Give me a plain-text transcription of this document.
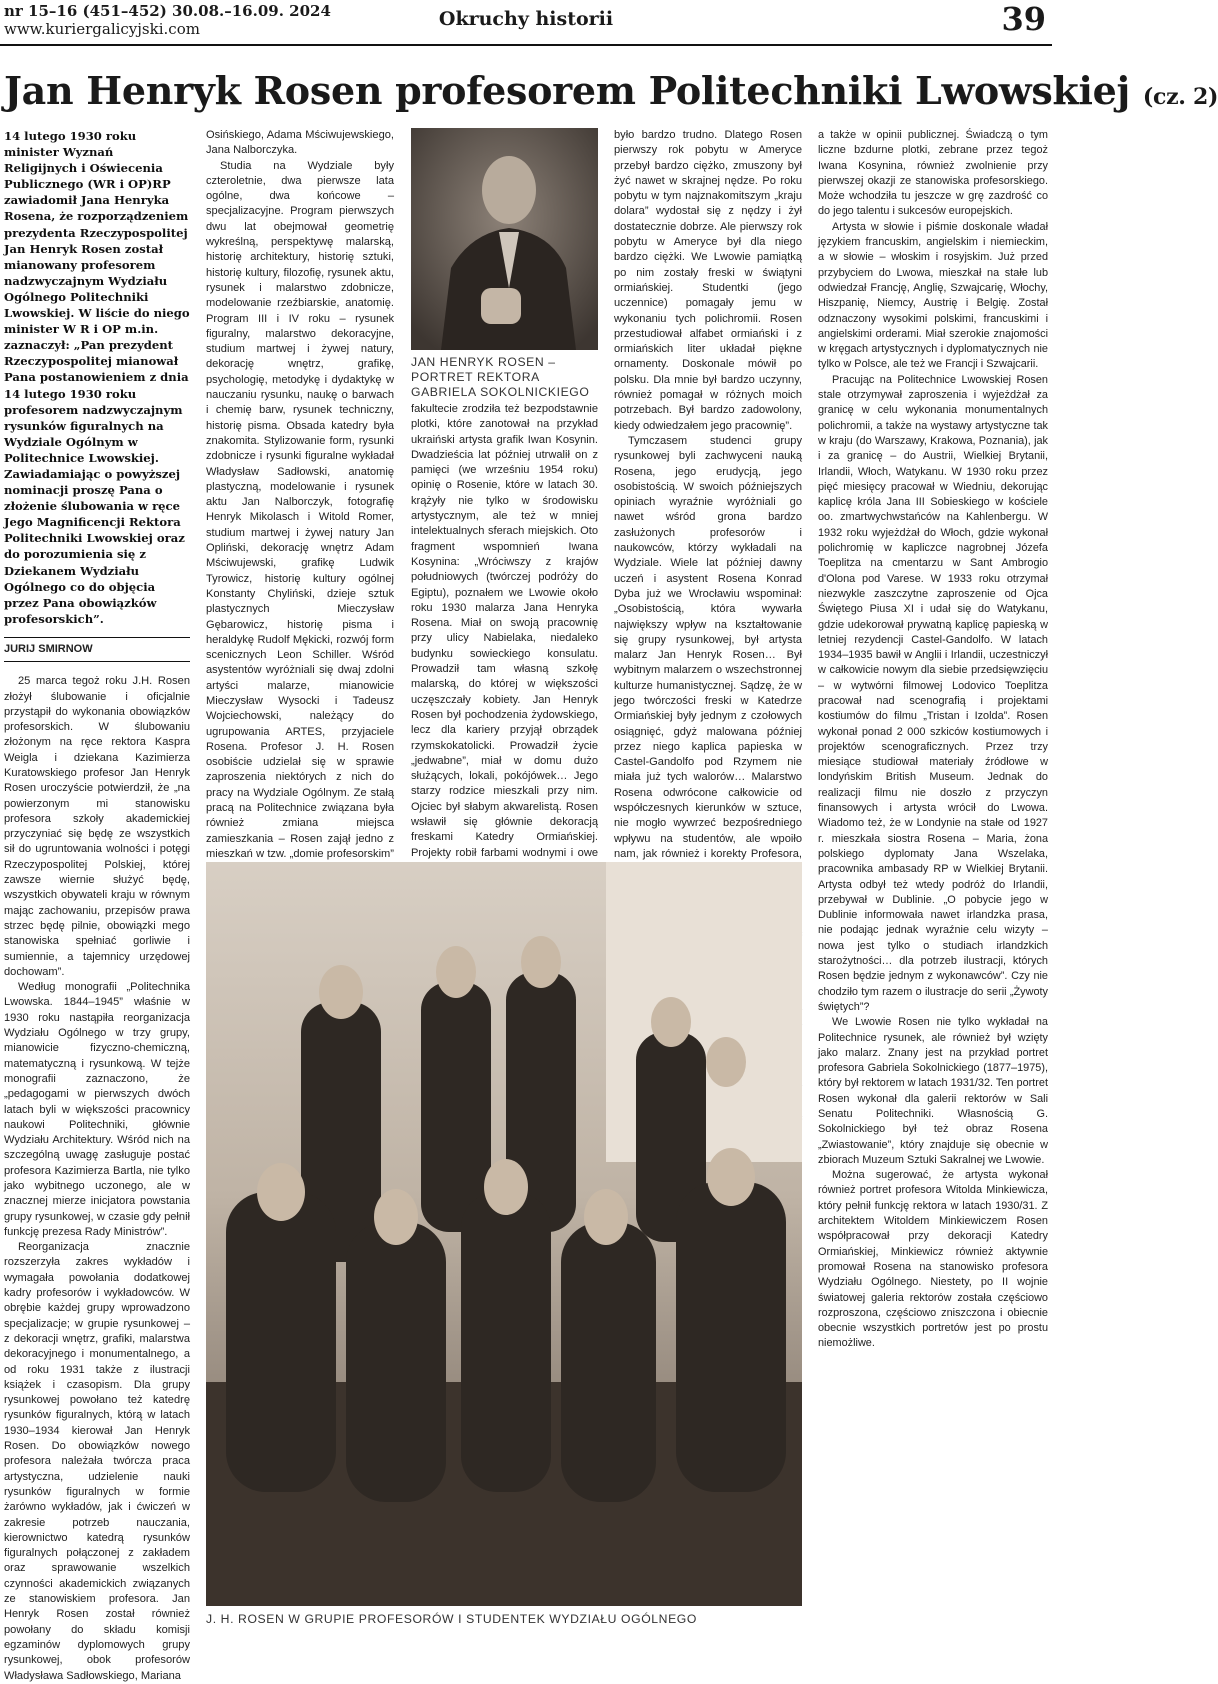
nr 15–16 (451–452) 30.08.–16.09. 2024
www.kuriergalicyjski.com	Okruchy historii	39
Jan Henryk Rosen profesorem Politechniki Lwowskiej (cz. 2)
14 lutego 1930 roku minister Wyznań Religijnych i Oświecenia Publicznego (WR i OP)RP zawiadomił Jana Henryka Rosena, że rozporządzeniem prezydenta Rzeczypospolitej Jan Henryk Rosen został mianowany profesorem nadzwyczajnym Wydziału Ogólnego Politechniki Lwowskiej. W liście do niego minister W R i OP m.in. zaznaczył: „Pan prezydent Rzeczypospolitej mianował Pana postanowieniem z dnia 14 lutego 1930 roku profesorem nadzwyczajnym rysunków figuralnych na Wydziale Ogólnym w Politechnice Lwowskiej. Zawiadamiając o powyższej nominacji proszę Pana o złożenie ślubowania w ręce Jego Magnificencji Rektora Politechniki Lwowskiej oraz do porozumienia się z Dziekanem Wydziału Ogólnego co do objęcia przez Pana obowiązków profesorskich”.
JURIJ SMIRNOW

25 marca tegoż roku J.H. Rosen złożył ślubowanie i oficjalnie przystąpił do wykonania obowiązków profesorskich. W ślubowaniu złożonym na ręce rektora Kaspra Weigla i dziekana Kazimierza Kuratowskiego profesor Jan Henryk Rosen uroczyście potwierdził, że „na powierzonym mi stanowisku profesora szkoły akademickiej przyczyniać się będę ze wszystkich sił do ugruntowania wolności i potęgi Rzeczypospolitej Polskiej, której zawsze wiernie służyć będę, wszystkich obywateli kraju w równym mając zachowaniu, przepisów prawa strzec będę pilnie, obowiązki mego stanowiska spełniać gorliwie i sumiennie, a tajemnicy urzędowej dochowam”.

Według monografii „Politechnika Lwowska. 1844–1945” właśnie w 1930 roku nastąpiła reorganizacja Wydziału Ogólnego w trzy grupy, mianowicie fizyczno-chemiczną, matematyczną i rysunkową. W tejże monografii zaznaczono, że „pedagogami w pierwszych dwóch latach byli w większości pracownicy naukowi Politechniki, głównie Wydziału Architektury. Wśród nich na szczególną uwagę zasługuje postać profesora Kazimierza Bartla, nie tylko jako wybitnego uczonego, ale w znacznej mierze inicjatora powstania grupy rysunkowej, w czasie gdy pełnił funkcję prezesa Rady Ministrów”.

Reorganizacja znacznie rozszerzyła zakres wykładów i wymagała powołania dodatkowej kadry profesorów i wykładowców. W obrębie każdej grupy wprowadzono specjalizacje; w grupie rysunkowej – z dekoracji wnętrz, grafiki, malarstwa dekoracyjnego i monumentalnego, a od roku 1931 także z ilustracji książek i czasopism. Dla grupy rysunkowej powołano też katedrę rysunków figuralnych, którą w latach 1930–1934 kierował Jan Henryk Rosen. Do obowiązków nowego profesora należała twórcza praca artystyczna, udzielenie nauki rysunków figuralnych w formie żarówno wykładów, jak i ćwiczeń w zakresie potrzeb nauczania, kierownictwo katedrą rysunków figuralnych połączonej z zakładem oraz sprawowanie wszelkich czynności akademickich związanych ze stanowiskiem profesora. Jan Henryk Rosen został również powołany do składu komisji egzaminów dyplomowych grupy rysunkowej, obok profesorów Władysława Sadłowskiego, Mariana

Osińskiego, Adama Mściwujewskiego, Jana Nalborczyka.

Studia na Wydziale były czteroletnie, dwa pierwsze lata ogólne, dwa końcowe – specjalizacyjne. Program pierwszych dwu lat obejmował geometrię wykreślną, perspektywę malarską, historię architektury, historię sztuki, historię kultury, filozofię, rysunek aktu, rysunek i malarstwo zdobnicze, modelowanie rzeźbiarskie, anatomię. Program III i IV roku – rysunek figuralny, malarstwo dekoracyjne, studium martwej i żywej natury, dekorację wnętrz, grafikę, psychologię, metodykę i dydaktykę w nauczaniu rysunku, naukę o barwach i chemię barw, rysunek techniczny, historię pisma. Obsada katedry była znakomita. Stylizowanie form, rysunki zdobnicze i rysunki figuralne wykładał Władysław Sadłowski, anatomię plastyczną, modelowanie i rysunek aktu Jan Nalborczyk, fotografię Henryk Mikolasch i Witold Romer, studium martwej i żywej natury Jan Opliński, dekorację wnętrz Adam Mściwujewski, grafikę Ludwik Tyrowicz, historię kultury ogólnej Konstanty Chyliński, dzieje sztuk plastycznych Mieczysław Gębarowicz, historię pisma i heraldykę Rudolf Mękicki, rozwój form scenicznych Leon Schiller. Wśród asystentów wyróżniali się dwaj zdolni artyści malarze, mianowicie Mieczysław Wysocki i Tadeusz Wojciechowski, należący do ugrupowania ARTES, przyjaciele Rosena. Profesor J. H. Rosen osobiście udzielał się w sprawie zaproszenia niektórych z nich do pracy na Wydziale Ogólnym. Ze stałą pracą na Politechnice związana była również zmiana miejsca zamieszkania – Rosen zajął jedno z mieszkań w tzw. „domie profesorskim”

JAN HENRYK ROSEN – PORTRET REKTORA GABRIELA SOKOLNICKIEGO

fakultecie zrodziła też bezpodstawnie plotki, które zanotował na przykład ukraiński artysta grafik Iwan Kosynin. Dwadzieścia lat później utrwalił on z pamięci (we wrześniu 1954 roku) opinię o Rosenie, które w latach 30. krążyły nie tylko w środowisku artystycznym, ale też w mniej intelektualnych sferach miejskich. Oto fragment wspomnień Iwana Kosynina: „Wróciwszy z krajów południowych (twórczej podróży do Egiptu), poznałem we Lwowie około roku 1930 malarza Jana Henryka Rosena. Miał on swoją pracownię przy ulicy Nabielaka, niedaleko budynku sowieckiego konsulatu. Prowadził tam własną szkołę malarską, do której w większości uczęszczały kobiety. Jan Henryk Rosen był pochodzenia żydowskiego, lecz dla kariery przyjął obrządek rzymskokatolicki. Prowadził życie „jedwabne”, miał w domu dużo służących, lokali, pokójówek… Jego starzy rodzice mieszkali przy nim. Ojciec był słabym akwarelistą. Rosen wsławił się głównie dekoracją freskami Katedry Ormiańskiej. Projekty robił farbami wodnymi i owe

było bardzo trudno. Dlatego Rosen pierwszy rok pobytu w Ameryce przebył bardzo ciężko, zmuszony był żyć nawet w skrajnej nędze. Po roku pobytu w tym najznakomitszym „kraju dolara” wydostał się z nędzy i żył dostatecznie dobrze. Ale pierwszy rok pobytu w Ameryce był dla niego bardzo ciężki. We Lwowie pamiątką po nim zostały freski w świątyni ormiańskiej. Studentki (jego uczennice) pomagały jemu w wykonaniu tych polichromii. Rosen przestudiował alfabet ormiański i z ormiańskich liter układał piękne ornamenty. Doskonale mówił po polsku. Dla mnie był bardzo uczynny, również pomagał w różnych moich potrzebach. Był bardzo zadowolony, kiedy odwiedzałem jego pracownię”.

Tymczasem studenci grupy rysunkowej byli zachwyceni nauką Rosena, jego erudycją, jego osobistością. W swoich późniejszych opiniach wyraźnie wyróżniali go nawet wśród grona bardzo zasłużonych profesorów i naukowców, którzy wykładali na Wydziale. Wiele lat później dawny uczeń i asystent Rosena Konrad Dyba już we Wrocławiu wspominał: „Osobistością, która wywarła największy wpływ na kształtowanie się grupy rysunkowej, był artysta malarz Jan Henryk Rosen… Był wybitnym malarzem o wszechstronnej kulturze humanistycznej. Sądzę, że w jego twórczości freski w Katedrze Ormiańskiej były jednym z czołowych osiągnięć, gdyż malowana później przez niego kaplica papieska w Castel-Gandolfo pod Rzymem nie miała już tych walorów… Malarstwo Rosena odwrócone całkowicie od współczesnych kierunków w sztuce, nie mogło wywrzeć bezpośredniego wpływu na studentów, ale wpoiło nam, jak również i korekty Profesora,

a także w opinii publicznej. Świadczą o tym liczne bzdurne plotki, zebrane przez tegoż Iwana Kosynina, również zwolnienie przy pierwszej okazji ze stanowiska profesorskiego. Może wchodziła tu jeszcze w grę zazdrość co do jego talentu i sukcesów europejskich.

Artysta w słowie i piśmie doskonale władał językiem francuskim, angielskim i niemieckim, a w słowie – włoskim i rosyjskim. Już przed przybyciem do Lwowa, mieszkał na stałe lub odwiedzał Francję, Anglię, Szwajcarię, Włochy, Hiszpanię, Niemcy, Austrię i Belgię. Został odznaczony wysokimi polskimi, francuskimi i angielskimi orderami. Miał szerokie znajomości w kręgach artystycznych i dyplomatycznych nie tylko w Polsce, ale też we Francji i Szwajcarii.

Pracując na Politechnice Lwowskiej Rosen stale otrzymywał zaproszenia i wyjeżdżał za granicę w celu wykonania monumentalnych polichromii, a także na wystawy artystyczne tak w kraju (do Warszawy, Krakowa, Poznania), jak i za granicę – do Austrii, Wielkiej Brytanii, Irlandii, Włoch, Watykanu. W 1930 roku przez pięć miesięcy pracował w Wiedniu, dekorując kaplicę króla Jana III Sobieskiego w kościele oo. zmartwychwstańców na Kahlenbergu. W 1932 roku wyjeżdżał do Włoch, gdzie wykonał polichromię w kapliczce nagrobnej Józefa Toeplitza na cmentarzu w Sant Ambrogio d'Olona pod Varese. W 1933 roku otrzymał niezwykle zaszczytne zaproszenie od Ojca Świętego Piusa XI i udał się do Watykanu, gdzie udekorował prywatną kaplicę papieską w letniej rezydencji Castel-Gandolfo. W latach 1934–1935 bawił w Anglii i Irlandii, uczestniczył w całkowicie nowym dla siebie przedsięwzięciu – w wytwórni filmowej Lodovico Toeplitza pracował nad scenografią i projektami kostiumów do filmu „Tristan i Izolda”. Rosen wykonał ponad 2 000 szkiców kostiumowych i projektów scenograficznych. Przez trzy miesiące studiował materiały źródłowe w londyńskim British Museum. Jednak do realizacji filmu nie doszło z przyczyn finansowych i artysta wrócił do Lwowa. Wiadomo też, że w Londynie na stałe od 1927 r. mieszkała siostra Rosena – Maria, żona polskiego dyplomaty Jana Wszelaka, pracownika ambasady RP w Wielkiej Brytanii. Artysta odbył też wtedy podróż do Irlandii, przebywał w Dublinie. „O pobycie jego w Dublinie informowała nawet irlandzka prasa, nie podając jednak wyraźnie celu wizyty – nowa jest tylko o studiach irlandzkich starożytności… dla potrzeb ilustracji, których Rosen będzie jednym z wykonawców”. Czy nie chodziło tym razem o ilustracje do serii „Żywoty świętych”?

We Lwowie Rosen nie tylko wykładał na Politechnice rysunek, ale również był wzięty jako malarz. Znany jest na przykład portret profesora Gabriela Sokolnickiego (1877–1975), który był rektorem w latach 1931/32. Ten portret Rosen wykonał dla galerii rektorów w Sali Senatu Politechniki. Własnością G. Sokolnickiego był też obraz Rosena „Zwiastowanie”, który znajduje się obecnie w zbiorach Muzeum Sztuki Sakralnej we Lwowie.

Można sugerować, że artysta wykonał również portret profesora Witolda Minkiewicza, który pełnił funkcję rektora w latach 1930/31. Z architektem Witoldem Minkiewiczem Rosen współpracował przy dekoracji Katedry Ormiańskiej, Minkiewicz również aktywnie promował Rosena na stanowisko profesora Wydziału Ogólnego. Niestety, po II wojnie światowej galeria rektorów została częściowo rozproszona, częściowo zniszczona i obiecnie obecnie wszystkich portretów jest po prostu niemożliwe.

J. H. ROSEN W GRUPIE PROFESORÓW I STUDENTEK WYDZIAŁU OGÓLNEGO
